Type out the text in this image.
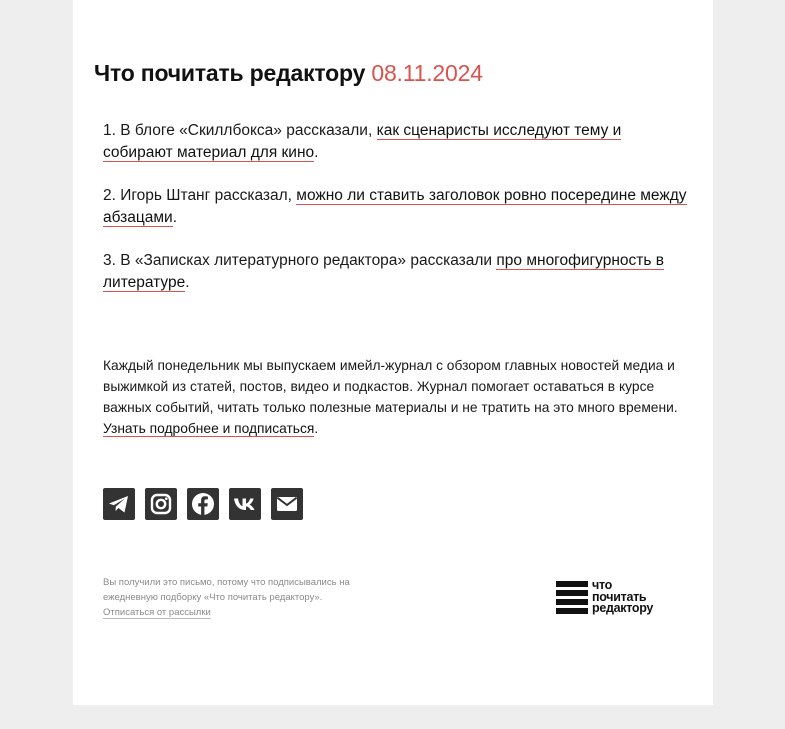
Что почитать редактору 08.11.2024

1. В блоге «Скиллбокса» рассказали, как сценаристы исследуют тему и собирают материал для кино.

2. Игорь Штанг рассказал, можно ли ставить заголовок ровно посередине между абзацами.

3. В «Записках литературного редактора» рассказали про многофигурность в литературе.

Каждый понедельник мы выпускаем имейл-журнал с обзором главных новостей медиа и выжимкой из статей, постов, видео и подкастов. Журнал помогает оставаться в курсе важных событий, читать только полезные материалы и не тратить на это много времени. Узнать подробнее и подписаться.

Вы получили это письмо, потому что подписывались на ежедневную подборку «Что почитать редактору».
Отписаться от рассылки
что
почитать
редактору
